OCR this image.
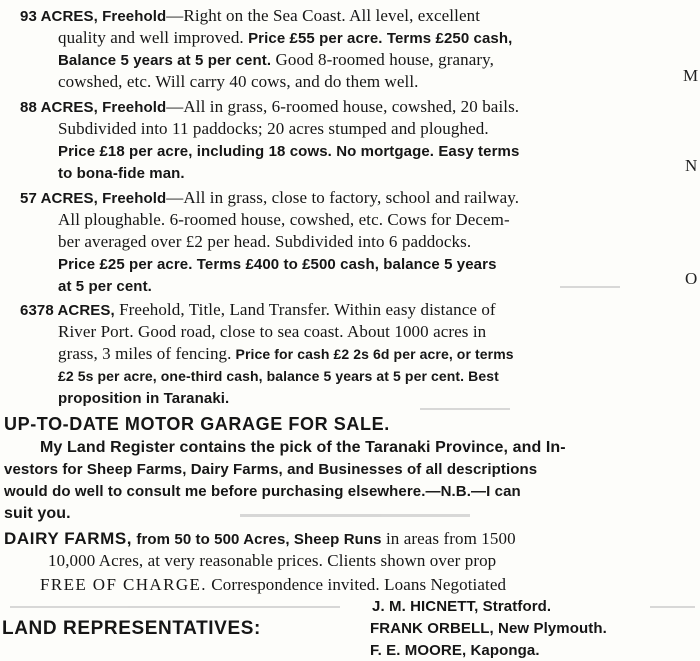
93 ACRES, Freehold—Right on the Sea Coast. All level, excellent
quality and well improved. Price £55 per acre. Terms £250 cash,
Balance 5 years at 5 per cent. Good 8-roomed house, granary,
cowshed, etc. Will carry 40 cows, and do them well.
88 ACRES, Freehold—All in grass, 6-roomed house, cowshed, 20 bails.
Subdivided into 11 paddocks; 20 acres stumped and ploughed.
Price £18 per acre, including 18 cows. No mortgage. Easy terms
to bona-fide man.
57 ACRES, Freehold—All in grass, close to factory, school and railway.
All ploughable. 6-roomed house, cowshed, etc. Cows for Decem-
ber averaged over £2 per head. Subdivided into 6 paddocks.
Price £25 per acre. Terms £400 to £500 cash, balance 5 years
at 5 per cent.
6378 ACRES, Freehold, Title, Land Transfer. Within easy distance of
River Port. Good road, close to sea coast. About 1000 acres in
grass, 3 miles of fencing. Price for cash £2 2s 6d per acre, or terms
£2 5s per acre, one-third cash, balance 5 years at 5 per cent. Best
proposition in Taranaki.
UP-TO-DATE MOTOR GARAGE FOR SALE.
My Land Register contains the pick of the Taranaki Province, and In-
vestors for Sheep Farms, Dairy Farms, and Businesses of all descriptions
would do well to consult me before purchasing elsewhere.—N.B.—I can
suit you.
DAIRY FARMS, from 50 to 500 Acres, Sheep Runs in areas from 1500
10,000 Acres, at very reasonable prices. Clients shown over prop
FREE OF CHARGE. Correspondence invited. Loans Negotiated
J. M. HICNETT, Stratford.
LAND REPRESENTATIVES:	FRANK ORBELL, New Plymouth.
F. E. MOORE, Kaponga.
M
N
O
